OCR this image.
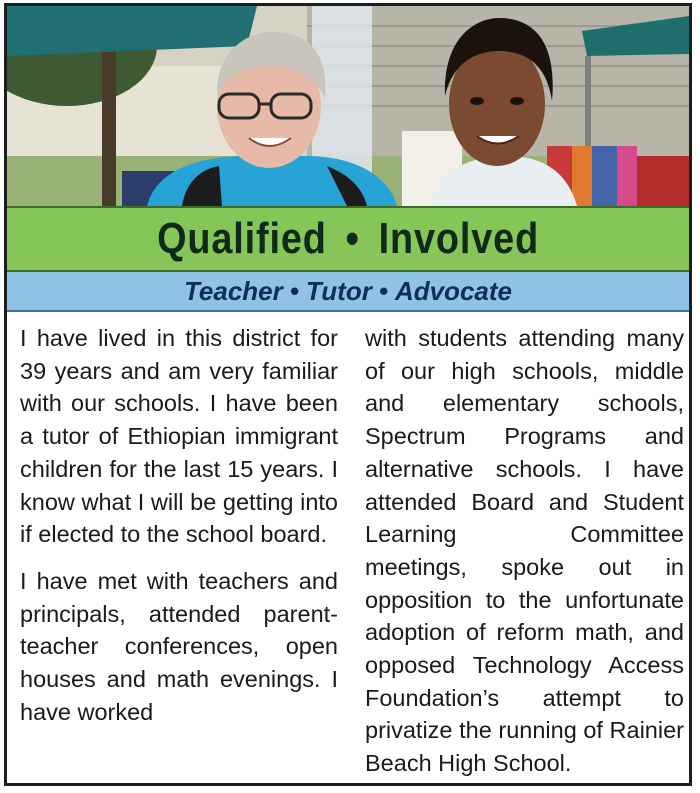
Qualified • Involved
Teacher • Tutor • Advocate

I have lived in this district for 39 years and am very familiar with our schools. I have been a tutor of Ethiopian immigrant children for the last 15 years. I know what I will be getting into if elected to the school board.

I have met with teachers and principals, attended parent-teacher conferences, open houses and math evenings. I have worked

with students attending many of our high schools, middle and elementary schools, Spectrum Programs and alternative schools. I have attended Board and Student Learning Committee meetings, spoke out in opposition to the unfortunate adoption of reform math, and opposed Technology Access Foundation’s attempt to privatize the running of Rainier Beach High School.
